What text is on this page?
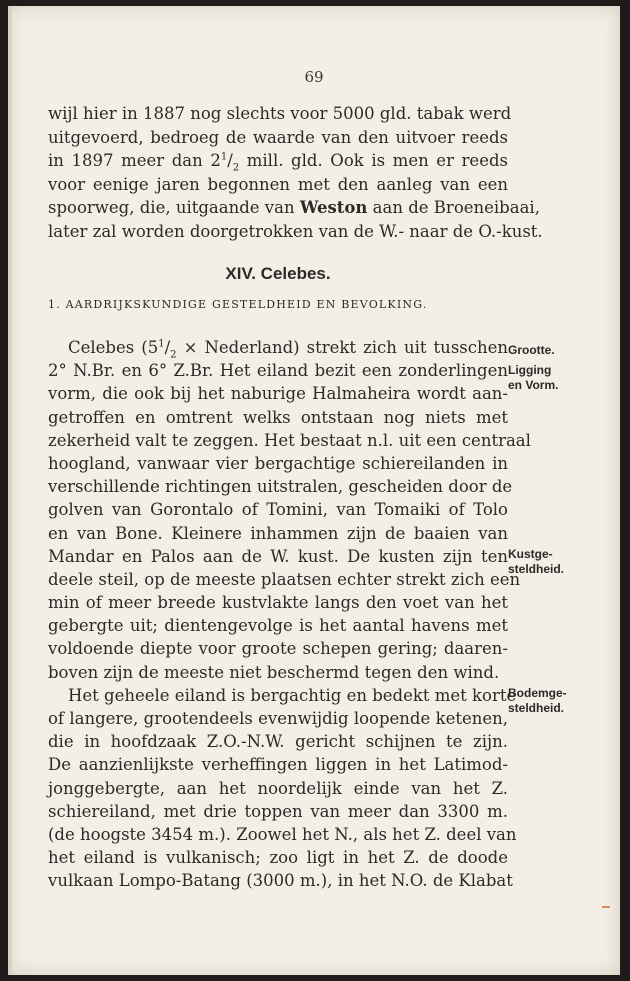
69
wijl hier in 1887 nog slechts voor 5000 gld. tabak werd
uitgevoerd, bedroeg de waarde van den uitvoer reeds
in 1897 meer dan $2^1/_2$ mill. gld. Ook is men er reeds
voor eenige jaren begonnen met den aanleg van een
spoorweg, die, uitgaande van Weston aan de Broeneibaai,
later zal worden doorgetrokken van de W.- naar de O.-kust.
XIV. Celebes.
1. AARDRIJKSKUNDIGE GESTELDHEID EN BEVOLKING.
Celebes ($5^1/_2$ × Nederland) strekt zich uit tusschen
2° N.Br. en 6° Z.Br. Het eiland bezit een zonderlingen
vorm, die ook bij het naburige Halmaheira wordt aan-
getroffen en omtrent welks ontstaan nog niets met
zekerheid valt te zeggen. Het bestaat n.l. uit een centraal
hoogland, vanwaar vier bergachtige schiereilanden in
verschillende richtingen uitstralen, gescheiden door de
golven van Gorontalo of Tomini, van Tomaiki of Tolo
en van Bone. Kleinere inhammen zijn de baaien van
Mandar en Palos aan de W. kust. De kusten zijn ten
deele steil, op de meeste plaatsen echter strekt zich een
min of meer breede kustvlakte langs den voet van het
gebergte uit; dientengevolge is het aantal havens met
voldoende diepte voor groote schepen gering; daaren-
boven zijn de meeste niet beschermd tegen den wind.
Het geheele eiland is bergachtig en bedekt met korte
of langere, grootendeels evenwijdig loopende ketenen,
die in hoofdzaak Z.O.-N.W. gericht schijnen te zijn.
De aanzienlijkste verheffingen liggen in het Latimod-
jonggebergte, aan het noordelijk einde van het Z.
schiereiland, met drie toppen van meer dan 3300 m.
(de hoogste 3454 m.). Zoowel het N., als het Z. deel van
het eiland is vulkanisch; zoo ligt in het Z. de doode
vulkaan Lompo-Batang (3000 m.), in het N.O. de Klabat
Grootte.
Ligging
en Vorm.
Kustge-
steldheid.
Bodemge-
steldheid.
